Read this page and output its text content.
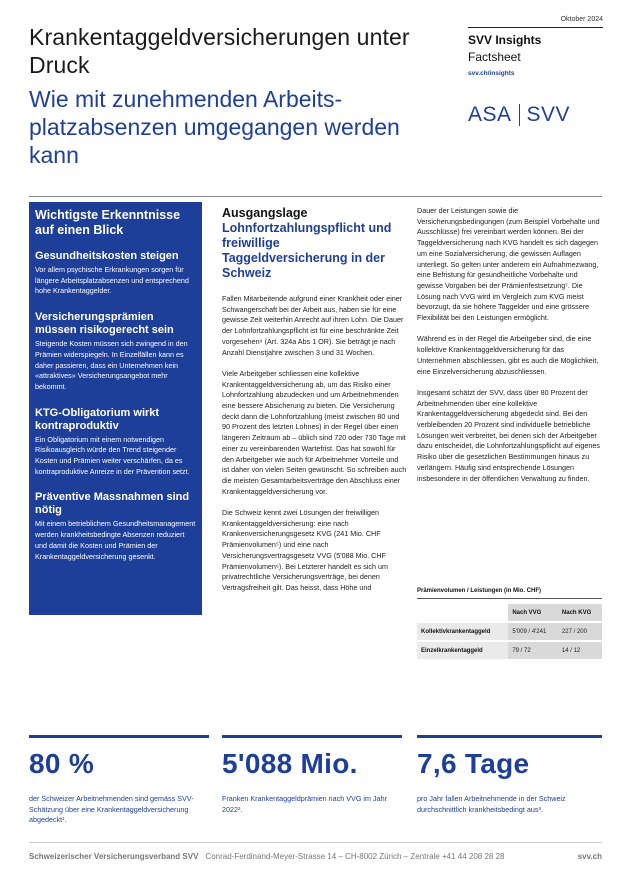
Krankentaggeldversicherungen unter Druck
Wie mit zunehmenden Arbeits-platzabsenzen umgegangen werden kann
Oktober 2024
SVV Insights
Factsheet
svv.ch/insights
ASA SVV
Wichtigste Erkenntnisse auf einen Blick
Gesundheitskosten steigen

Vor allem psychische Erkrankungen sorgen für längere Arbeitsplatzabsenzen und entsprechend hohe Krankentaggelder.

Versicherungsprämien müssen risikogerecht sein

Steigende Kosten müssen sich zwingend in den Prämien widerspiegeln. In Einzelfällen kann es daher passieren, dass ein Unternehmen kein «attraktives» Versicherungsangebot mehr bekommt.

KTG-Obligatorium wirkt kontraproduktiv

Ein Obligatorium mit einem notwendigen Risikoausgleich würde den Trend steigender Kosten und Prämien weiter verschärfen, da es kontraproduktive Anreize in der Prävention setzt.

Präventive Massnahmen sind nötig

Mit einem betrieblichem Gesundheitsmanagement werden krankheitsbedingte Absenzen reduziert und damit die Kosten und Prämien der Krankentaggeldversicherung gesenkt.

Ausgangslage
Lohnfortzahlungspflicht und freiwillige Taggeldversicherung in der Schweiz

Fallen Mitarbeitende aufgrund einer Krankheit oder einer Schwangerschaft bei der Arbeit aus, haben sie für eine gewisse Zeit weiterhin Anrecht auf ihren Lohn. Die Dauer der Lohnfortzahlungspflicht ist für eine beschränkte Zeit vorgesehen⁴ (Art. 324a Abs 1 OR). Sie beträgt je nach Anzahl Dienstjahre zwischen 3 und 31 Wochen.

Viele Arbeitgeber schliessen eine kollektive Krankentaggeldversicherung ab, um das Risiko einer Lohnfortzahlung abzudecken und um Arbeitnehmenden eine bessere Absicherung zu bieten. Die Versicherung deckt dann die Lohnfortzahlung (meist zwischen 80 und 90 Prozent des letzten Lohnes) in der Regel über einen längeren Zeitraum ab – üblich sind 720 oder 730 Tage mit einer zu vereinbarenden Wartefrist. Das hat sowohl für den Arbeitgeber wie auch für Arbeitnehmer Vorteile und ist daher von vielen Seiten gewünscht. So schreiben auch die meisten Gesamtarbeitsverträge den Abschluss einer Krankentaggeldversicherung vor.

Die Schweiz kennt zwei Lösungen der freiwilligen Krankentaggeldversicherung: eine nach Krankenversicherungsgesetz KVG (241 Mio. CHF Prämienvolumen⁵) und eine nach Versicherungsvertragsgesetz VVG (5'088 Mio. CHF Prämienvolumen⁶). Bei Letzterer handelt es sich um privatrechtliche Versicherungsverträge, bei denen Vertragsfreiheit gilt. Das heisst, dass Höhe und

Dauer der Leistungen sowie die Versicherungsbedingungen (zum Beispiel Vorbehalte und Ausschlüsse) frei vereinbart werden können. Bei der Taggeldversicherung nach KVG handelt es sich dagegen um eine Sozialversicherung, die gewissen Auflagen unterliegt. So gelten unter anderem ein Aufnahmezwang, eine Befristung für gesundheitliche Vorbehalte und gewisse Vorgaben bei der Prämienfestsetzung⁷. Die Lösung nach VVG wird im Vergleich zum KVG meist bevorzugt, da sie höhere Taggelder und eine grössere Flexibilität bei den Leistungen ermöglicht.

Während es in der Regel die Arbeitgeber sind, die eine kollektive Krankentaggeldversicherung für das Unternehmen abschliessen, gibt es auch die Möglichkeit, eine Einzelversicherung abzuschliessen.

Insgesamt schätzt der SVV, dass über 80 Prozent der Arbeitnehmenden über eine kollektive Krankentaggeldversicherung abgedeckt sind. Bei den verbleibenden 20 Prozent sind individuelle betriebliche Lösungen weit verbreitet, bei denen sich der Arbeitgeber dazu entscheidet, die Lohnfortzahlungspflicht auf eigenes Risiko über die gesetzlichen Bestimmungen hinaus zu verlängern. Häufig sind entsprechende Lösungen insbesondere in der öffentlichen Verwaltung zu finden.

Prämienvolumen / Leistungen (in Mio. CHF)
	Nach VVG	Nach KVG
Kollektivkrankentaggeld	5'009 / 4'241	227 / 200
Einzelkrankentaggeld	79 / 72	14 / 12
80 %
der Schweizer Arbeitnehmenden sind gemäss SVV-Schätzung über eine Krankentaggeldversicherung abgedeckt¹.
5'088 Mio.
Franken Krankentaggeldprämien nach VVG im Jahr 2022².
7,6 Tage
pro Jahr fallen Arbeitnehmende in der Schweiz durchschnittlich krankheitsbedingt aus³.
Schweizerischer Versicherungsverband SVV Conrad-Ferdinand-Meyer-Strasse 14 – CH-8002 Zürich – Zentrale +41 44 208 28 28	svv.ch
